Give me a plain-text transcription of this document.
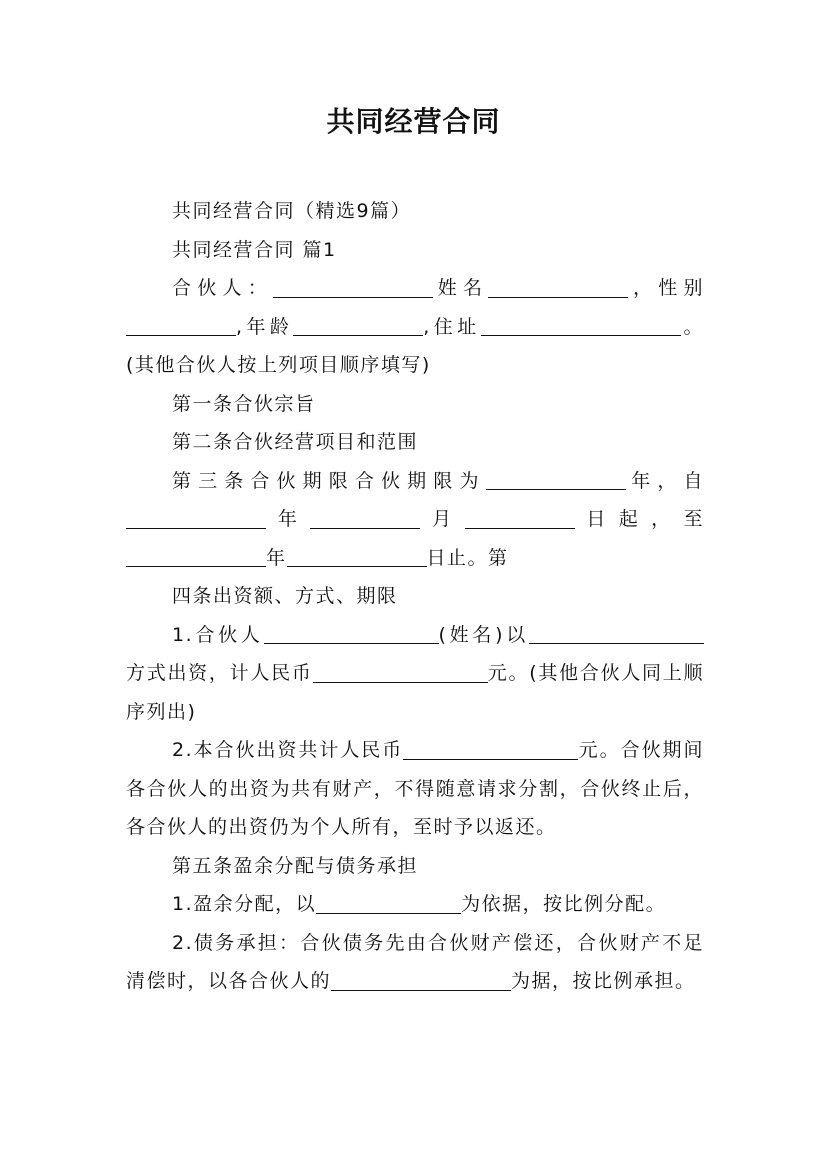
共同经营合同

共同经营合同（精选9篇）

共同经营合同 篇1

合伙人：	姓名	，性别,年龄	,住址	。(其他合伙人按上列项目顺序填写)

第一条合伙宗旨

第二条合伙经营项目和范围

第三条合伙期限合伙期限为	年，自年	月	日起，至年	日止。第

四条出资额、方式、期限

1.合伙人	(姓名)以方式出资，计人民币	元。(其他合伙人同上顺序列出)

2.本合伙出资共计人民币	元。合伙期间各合伙人的出资为共有财产，不得随意请求分割，合伙终止后，各合伙人的出资仍为个人所有，至时予以返还。

第五条盈余分配与债务承担

1.盈余分配，以	为依据，按比例分配。

2.债务承担：合伙债务先由合伙财产偿还，合伙财产不足清偿时，以各合伙人的	为据，按比例承担。
